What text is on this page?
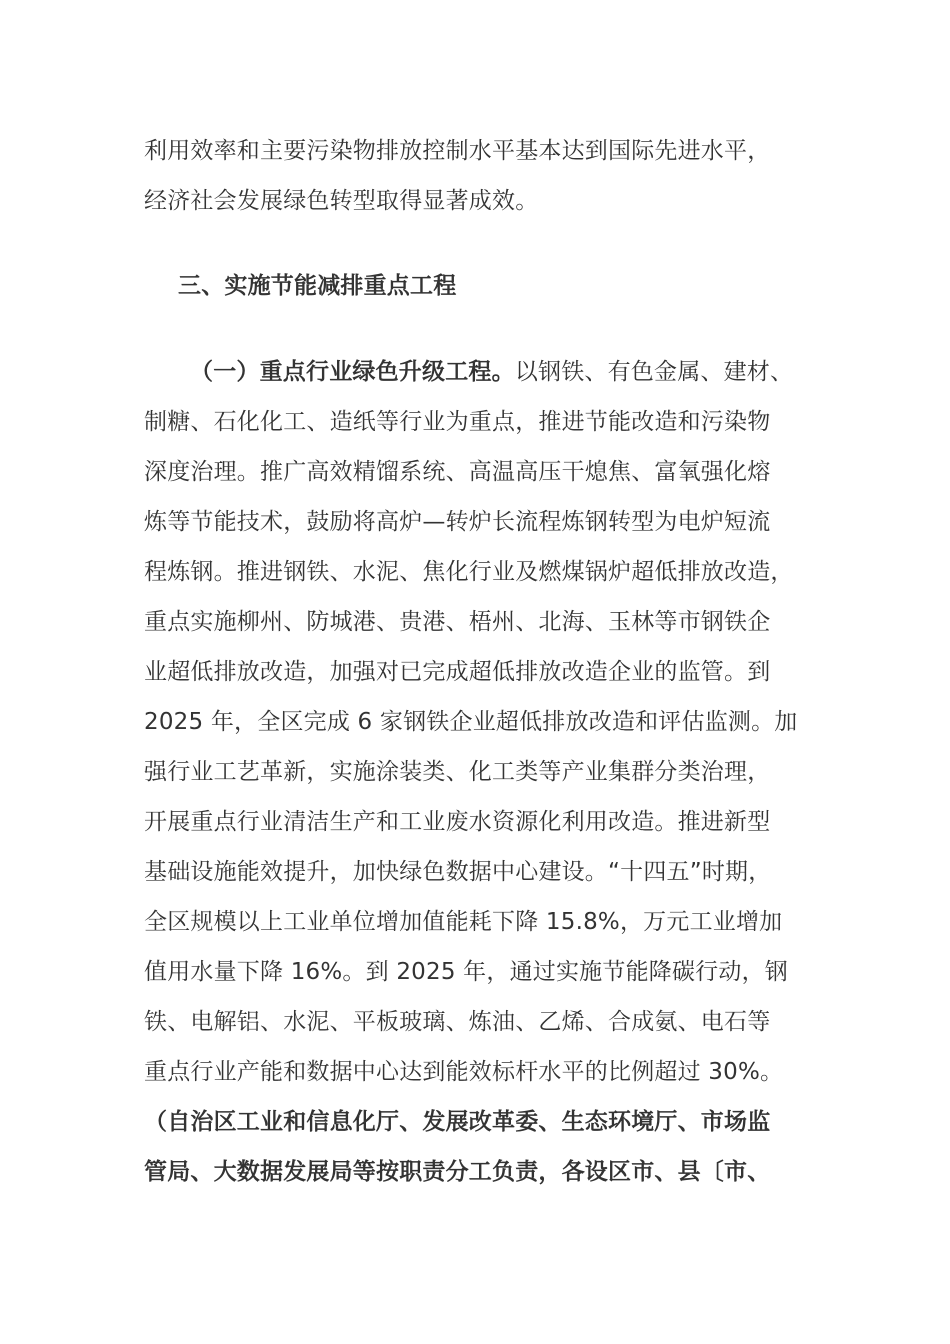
利用效率和主要污染物排放控制水平基本达到国际先进水平，
经济社会发展绿色转型取得显著成效。
三、实施节能减排重点工程
（一）重点行业绿色升级工程。以钢铁、有色金属、建材、
制糖、石化化工、造纸等行业为重点，推进节能改造和污染物
深度治理。推广高效精馏系统、高温高压干熄焦、富氧强化熔
炼等节能技术，鼓励将高炉—转炉长流程炼钢转型为电炉短流
程炼钢。推进钢铁、水泥、焦化行业及燃煤锅炉超低排放改造，
重点实施柳州、防城港、贵港、梧州、北海、玉林等市钢铁企
业超低排放改造，加强对已完成超低排放改造企业的监管。到
2025 年，全区完成 6 家钢铁企业超低排放改造和评估监测。加
强行业工艺革新，实施涂装类、化工类等产业集群分类治理，
开展重点行业清洁生产和工业废水资源化利用改造。推进新型
基础设施能效提升，加快绿色数据中心建设。“十四五”时期，
全区规模以上工业单位增加值能耗下降 15.8%，万元工业增加
值用水量下降 16%。到 2025 年，通过实施节能降碳行动，钢
铁、电解铝、水泥、平板玻璃、炼油、乙烯、合成氨、电石等
重点行业产能和数据中心达到能效标杆水平的比例超过 30%。
（自治区工业和信息化厅、发展改革委、生态环境厅、市场监
管局、大数据发展局等按职责分工负责，各设区市、县〔市、
